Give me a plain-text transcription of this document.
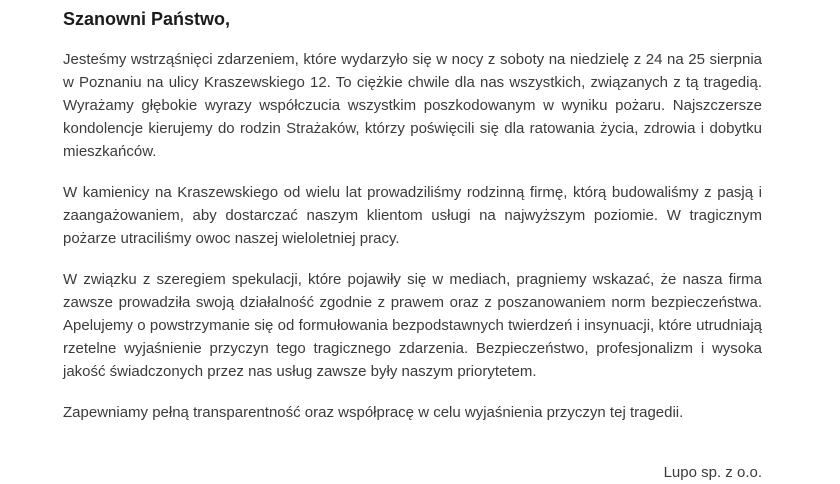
Szanowni Państwo,

Jesteśmy wstrząśnięci zdarzeniem, które wydarzyło się w nocy z soboty na niedzielę z 24 na 25 sierpnia w Poznaniu na ulicy Kraszewskiego 12. To ciężkie chwile dla nas wszystkich, związanych z tą tragedią. Wyrażamy głębokie wyrazy współczucia wszystkim poszkodowanym w wyniku pożaru. Najszczersze kondolencje kierujemy do rodzin Strażaków, którzy poświęcili się dla ratowania życia, zdrowia i dobytku mieszkańców.

W kamienicy na Kraszewskiego od wielu lat prowadziliśmy rodzinną firmę, którą budowaliśmy z pasją i zaangażowaniem, aby dostarczać naszym klientom usługi na najwyższym poziomie. W tragicznym pożarze utraciliśmy owoc naszej wieloletniej pracy.

W związku z szeregiem spekulacji, które pojawiły się w mediach, pragniemy wskazać, że nasza firma zawsze prowadziła swoją działalność zgodnie z prawem oraz z poszanowaniem norm bezpieczeństwa. Apelujemy o powstrzymanie się od formułowania bezpodstawnych twierdzeń i insynuacji, które utrudniają rzetelne wyjaśnienie przyczyn tego tragicznego zdarzenia. Bezpieczeństwo, profesjonalizm i wysoka jakość świadczonych przez nas usług zawsze były naszym priorytetem.

Zapewniamy pełną transparentność oraz współpracę w celu wyjaśnienia przyczyn tej tragedii.

Lupo sp. z o.o.
